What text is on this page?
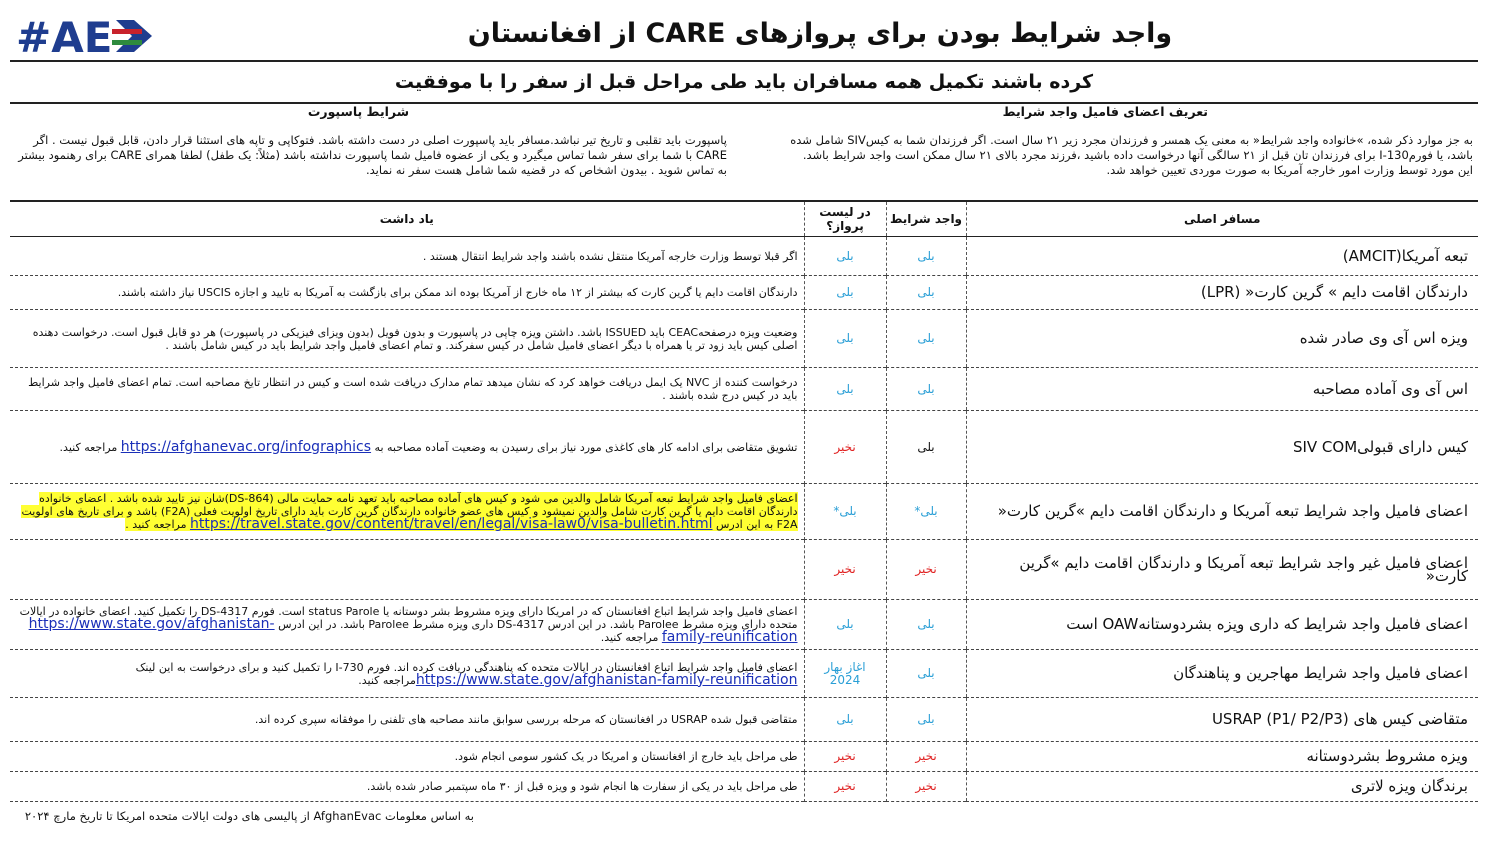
#AE	واجد شرایط بودن برای پروازهای CARE از افغانستان
کرده باشند تکمیل همه مسافران باید طی مراحل قبل از سفر را با موفقیت
تعریف اعضای فامیل واجد شرایط
به جز موارد ذکر شده، »خانواده واجد شرایط« به معنی یک همسر و فرزندان مجرد زیر ۲۱ سال است. اگر فرزندان شما به کیسSIV شامل شده باشد، یا فورم130-I برای فرزندان تان قبل از ۲۱ سالگی آنها درخواست داده باشید ،فرزند مجرد بالای ۲۱ سال ممکن است واجد شرایط باشد. این مورد توسط وزارت امور خارجه آمریکا به صورت موردی تعیین خواهد شد.
شرایط پاسپورت
پاسپورت باید تقلبی و تاریخ تیر نباشد.مسافر باید پاسپورت اصلی در دست داشته باشد. فتوکاپی و تاپه های استثنا قرار دادن، قابل قبول نیست . اگر CARE با شما برای سفر شما تماس میگیرد و یکی از عضوه فامیل شما پاسپورت نداشته باشد (مثلاً: یک طفل) لطفا همرای CARE برای رهنمود بیشتر به تماس شوید . بیدون اشخاص که در قضیه شما شامل هست سفر نه نماید.
مسافر اصلی	واجد شرایط	در لیست پرواز؟	یاد داشت
تبعه آمریکا(AMCIT)	بلی	بلی	اگر قبلا توسط وزارت خارجه آمریکا منتقل نشده باشند واجد شرایط انتقال هستند .
دارندگان اقامت دایم » گرین کارت« (LPR)	بلی	بلی	دارندگان اقامت دایم یا گرین کارت که بیشتر از ۱۲ ماه خارج از آمریکا بوده اند ممکن برای بازگشت به آمریکا به تایید و اجازه USCIS نیاز داشته باشند.
ویزه اس آی وی صادر شده	بلی	بلی	وضعیت ویزه درصفحهCEAC باید ISSUED باشد. داشتن ویزه چاپی در پاسپورت و بدون فویل (بدون ویزای فیزیکی در پاسپورت) هر دو قابل قبول است. درخواست دهنده اصلی کیس باید زود تر یا همراه با دیگر اعضای فامیل شامل در کیس سفرکند. و تمام اعضای فامیل واجد شرایط باید در کیس شامل باشند .
اس آی وی آماده مصاحبه	بلی	بلی	درخواست کننده از NVC یک ایمل دریافت خواهد کرد که نشان میدهد تمام مدارک دریافت شده است و کیس در انتظار تایخ مصاحبه است. تمام اعضای فامیل واجد شرایط باید در کیس درج شده باشند .
کیس دارای قبولیSIV COM	بلی	نخیر	تشویق متقاضی برای ادامه کار های کاغذی مورد نیاز برای رسیدن به وضعیت آماده مصاحبه به https://afghanevac.org/infographics مراجعه کنید.
اعضای فامیل واجد شرایط تبعه آمریکا و دارندگان اقامت دایم »گرین کارت«	بلی*	بلی*	اعضای فامیل واجد شرایط تبعه آمریکا شامل والدین می شود و کیس های آماده مصاحبه باید تعهد نامه حمایت مالی (DS-864)شان نیز تایید شده باشد . اعضای خانواده دارندگان اقامت دایم یا گرین کارت شامل والدین نمیشود و کیس های عضو خانواده دارندگان گرین کارت باید دارای تاریخ اولویت فعلی (F2A) باشد و برای تاریخ های اولویت F2A به این ادرس https://travel.state.gov/content/travel/en/legal/visa-law0/visa-bulletin.html مراجعه کنید .
اعضای فامیل غیر واجد شرایط تبعه آمریکا و دارندگان اقامت دایم »گرین کارت«	نخیر	نخیر	
اعضای فامیل واجد شرایط که داری ویزه بشردوستانهOAW است	بلی	بلی	اعضای فامیل واجد شرایط اتباع افغانستان که در امریکا دارای ویزه مشروط بشر دوستانه یا status Parole است. فورم DS-4317 را تکمیل کنید. اعضای خانواده در ایالات متحده دارای ویزه مشرط Parolee باشد. در این ادرس DS-4317 داری ویزه مشرط Parolee باشد. در این ادرس https://www.state.gov/afghanistan-family-reunification مراجعه کنید.
اعضای فامیل واجد شرایط مهاجرین و پناهندگان	بلی	اغاز بهار 2024	اعضای فامیل واجد شرایط اتباع افغانستان در ایالات متحده که پناهندگی دریافت کرده اند. فورم 730-I را تکمیل کنید و برای درخواست به این لینک https://www.state.gov/afghanistan-family-reunificationمراجعه کنید.
متقاضی کیس های (P1/ P2/P3) USRAP	بلی	بلی	متقاضی قبول شده USRAP در افغانستان که مرحله بررسی سوابق مانند مصاحبه های تلفنی را موفقانه سپری کرده اند.
ویزه مشروط بشردوستانه	نخیر	نخیر	طی مراحل باید خارج از افغانستان و امریکا در یک کشور سومی انجام شود.
برندگان ویزه لاتری	نخیر	نخیر	طی مراحل باید در یکی از سفارت ها انجام شود و ویزه قبل از ۳۰ ماه سپتمبر صادر شده باشد.
به اساس معلومات AfghanEvac از پالیسی های دولت ایالات متحده امریکا تا تاریخ مارچ ۲۰۲۴
